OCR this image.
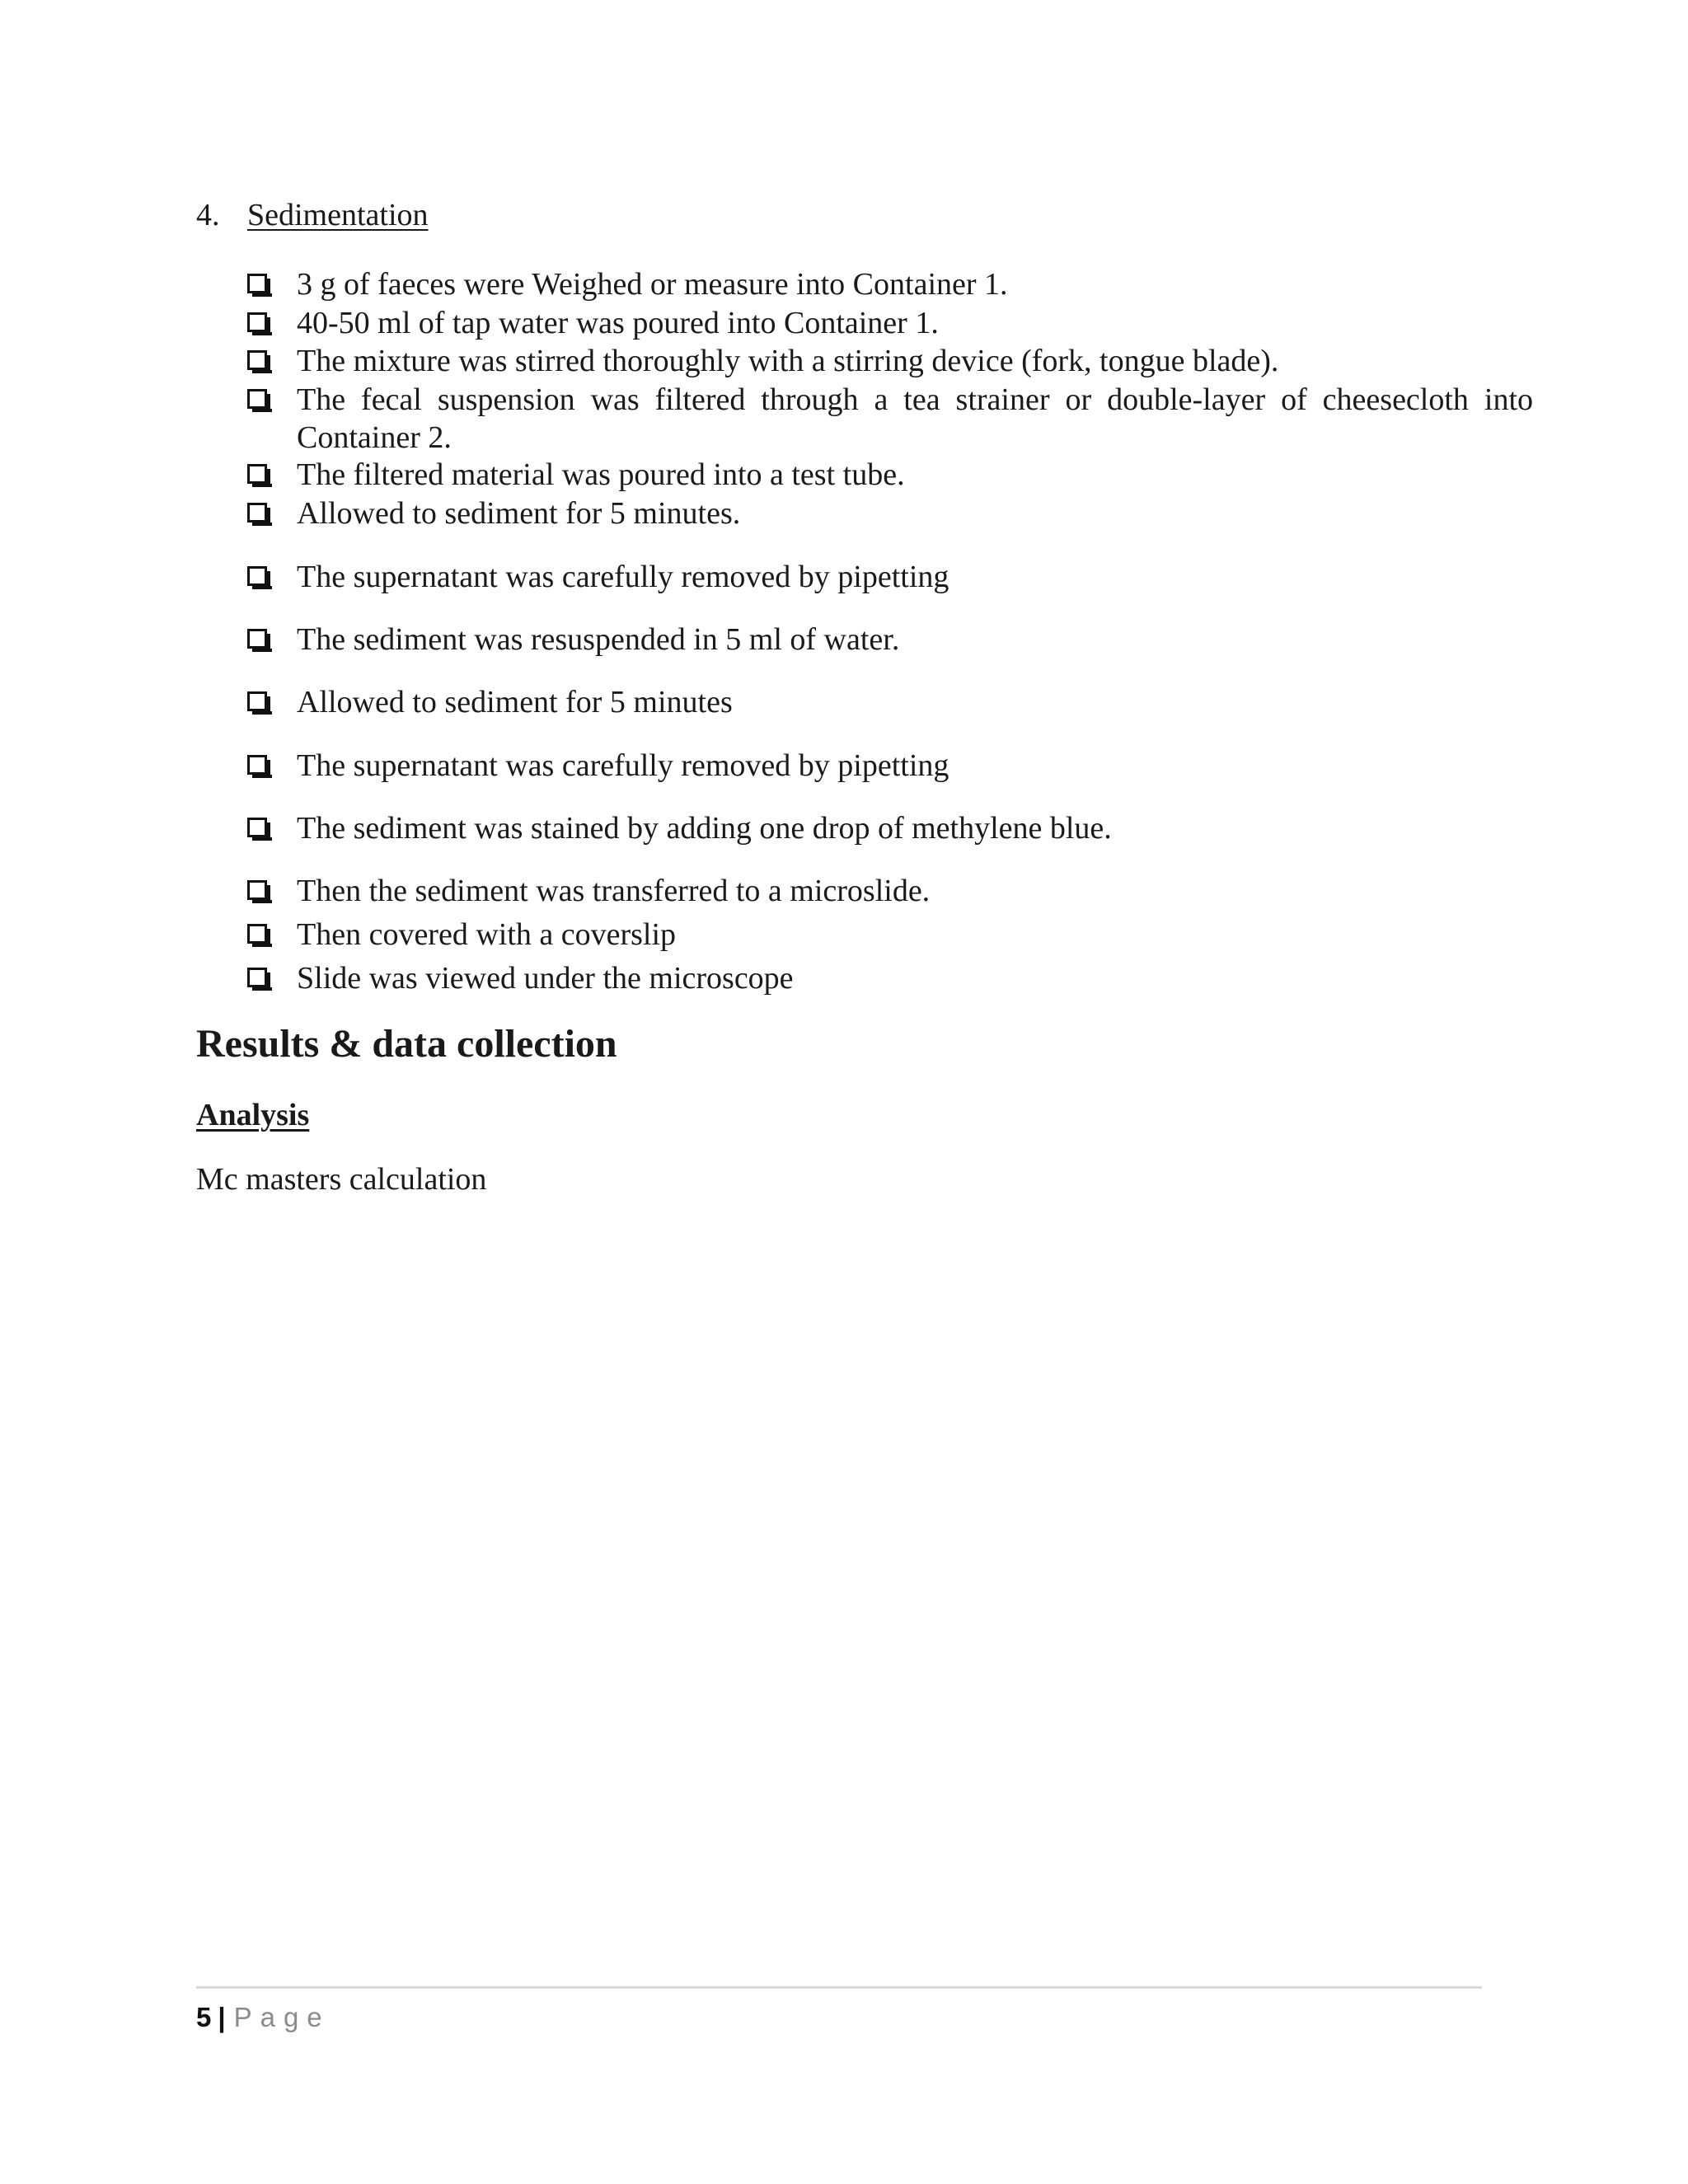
4. Sedimentation
3 g of faeces were Weighed or measure into Container 1.
40-50 ml of tap water was poured into Container 1.
The mixture was stirred thoroughly with a stirring device (fork, tongue blade).
The fecal suspension was filtered through a tea strainer or double-layer of cheesecloth into Container 2.
The filtered material was poured into a test tube.
Allowed to sediment for 5 minutes.
The supernatant was carefully removed by pipetting
The sediment was resuspended in 5 ml of water.
Allowed to sediment for 5 minutes
The supernatant was carefully removed by pipetting
The sediment was stained by adding one drop of methylene blue.
Then the sediment was transferred to a microslide.
Then covered with a coverslip
Slide was viewed under the microscope
Results & data collection
Analysis
Mc masters calculation
5 | Page
